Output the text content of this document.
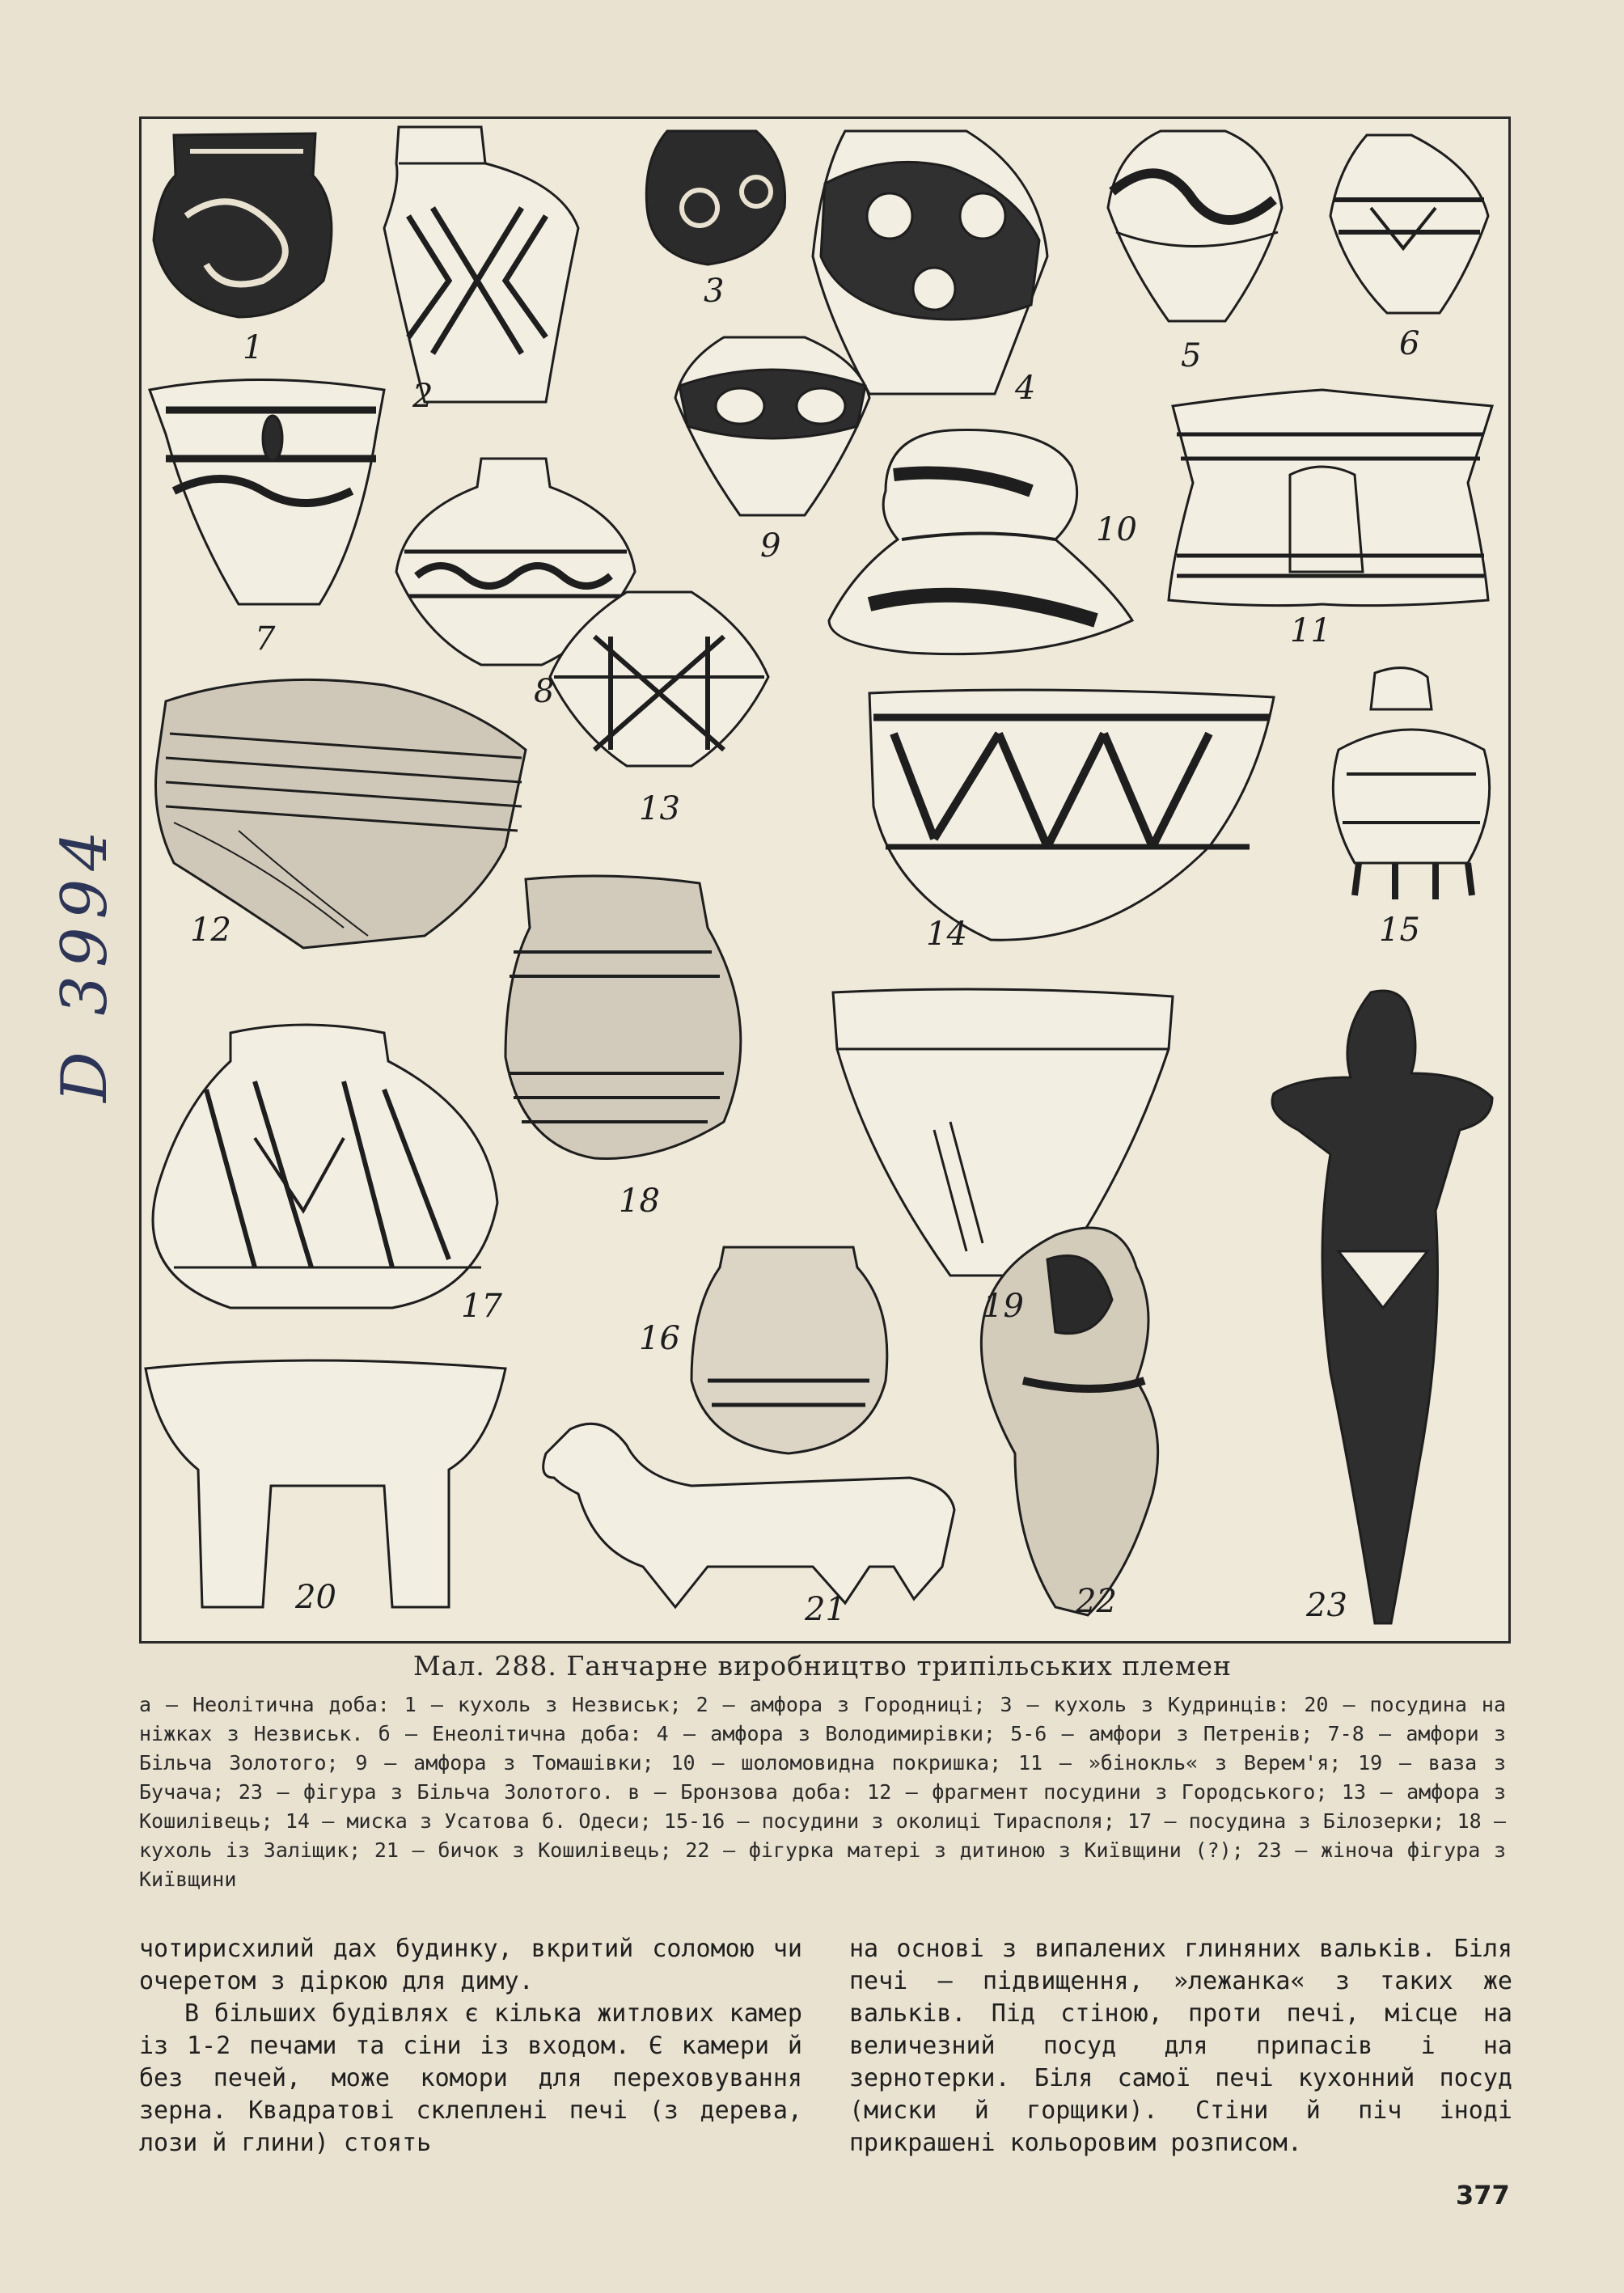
D 3994
1
2
3
4
5	6
7
8
9	10
11
12
13
14	15
16
17
18
19
20	21	22	23
Мал. 288. Ганчарне виробництво трипільських племен
а — Неолітична доба: 1 — кухоль з Незвиськ; 2 — амфора з Городниці; 3 — кухоль з Кудринців: 20 — посудина на ніжках з Незвиськ. б — Енеолітична доба: 4 — амфора з Володимирівки; 5-6 — амфори з Петренів; 7-8 — амфори з Більча Золотого; 9 — амфора з Томашівки; 10 — шоломовидна покришка; 11 — »бінокль« з Верем'я; 19 — ваза з Бучача; 23 — фігура з Більча Золотого. в — Бронзова доба: 12 — фрагмент посудини з Городського; 13 — амфора з Кошилівець; 14 — миска з Усатова б. Одеси; 15-16 — посудини з околиці Тирасполя; 17 — посудина з Білозерки; 18 — кухоль із Заліщик; 21 — бичок з Кошилівець; 22 — фігурка матері з дитиною з Київщини (?); 23 — жіноча фігура з Київщини

чотирисхилий дах будинку, вкритий соломою чи очеретом з діркою для диму.

В більших будівлях є кілька житлових камер із 1-2 печами та сіни із входом. Є камери й без печей, може комори для переховування зерна. Квадратові склеплені печі (з дерева, лози й глини) стоять

на основі з випалених глиняних вальків. Біля печі — підвищення, »лежанка« з таких же вальків. Під стіною, проти печі, місце на величезний посуд для припасів і на зернотерки. Біля самої печі кухонний посуд (миски й горщики). Стіни й піч іноді прикрашені кольоровим розписом.

377
